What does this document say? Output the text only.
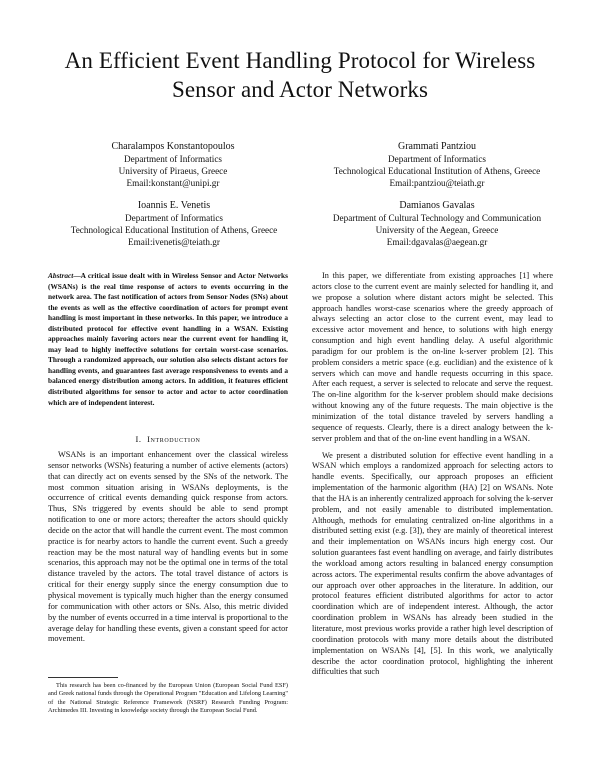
An Efficient Event Handling Protocol for Wireless
Sensor and Actor Networks
Charalampos Konstantopoulos
Department of Informatics
University of Piraeus, Greece
Email:konstant@unipi.gr
Grammati Pantziou
Department of Informatics
Technological Educational Institution of Athens, Greece
Email:pantziou@teiath.gr
Ioannis E. Venetis
Department of Informatics
Technological Educational Institution of Athens, Greece
Email:ivenetis@teiath.gr
Damianos Gavalas
Department of Cultural Technology and Communication
University of the Aegean, Greece
Email:dgavalas@aegean.gr
Abstract—A critical issue dealt with in Wireless Sensor and Actor Networks (WSANs) is the real time response of actors to events occurring in the network area. The fast notification of actors from Sensor Nodes (SNs) about the events as well as the effective coordination of actors for prompt event handling is most important in these networks. In this paper, we introduce a distributed protocol for effective event handling in a WSAN. Existing approaches mainly favoring actors near the current event for handling it, may lead to highly ineffective solutions for certain worst-case scenarios. Through a randomized approach, our solution also selects distant actors for handling events, and guarantees fast average responsiveness to events and a balanced energy distribution among actors. In addition, it features efficient distributed algorithms for sensor to actor and actor to actor coordination which are of independent interest.
I. Introduction

WSANs is an important enhancement over the classical wireless sensor networks (WSNs) featuring a number of active elements (actors) that can directly act on events sensed by the SNs of the network. The most common situation arising in WSANs deployments, is the occurrence of critical events demanding quick response from actors. Thus, SNs triggered by events should be able to send prompt notification to one or more actors; thereafter the actors should quickly decide on the actor that will handle the current event. The most common practice is for nearby actors to handle the current event. Such a greedy reaction may be the most natural way of handling events but in some scenarios, this approach may not be the optimal one in terms of the total distance traveled by the actors. The total travel distance of actors is critical for their energy supply since the energy consumption due to physical movement is typically much higher than the energy consumed for communication with other actors or SNs. Also, this metric divided by the number of events occurred in a time interval is proportional to the average delay for handling these events, given a constant speed for actor movement.

This research has been co-financed by the European Union (European Social Fund ESF) and Greek national funds through the Operational Program "Education and Lifelong Learning" of the National Strategic Reference Framework (NSRF) Research Funding Program: Archimedes III. Investing in knowledge society through the European Social Fund.

In this paper, we differentiate from existing approaches [1] where actors close to the current event are mainly selected for handling it, and we propose a solution where distant actors might be selected. This approach handles worst-case scenarios where the greedy approach of always selecting an actor close to the current event, may lead to excessive actor movement and hence, to solutions with high energy consumption and high event handling delay. A useful algorithmic paradigm for our problem is the on-line k-server problem [2]. This problem considers a metric space (e.g. euclidian) and the existence of k servers which can move and handle requests occurring in this space. After each request, a server is selected to relocate and serve the request. The on-line algorithm for the k-server problem should make decisions without knowing any of the future requests. The main objective is the minimization of the total distance traveled by servers handling a sequence of requests. Clearly, there is a direct analogy between the k-server problem and that of the on-line event handling in a WSAN.

We present a distributed solution for effective event handling in a WSAN which employs a randomized approach for selecting actors to handle events. Specifically, our approach proposes an efficient implementation of the harmonic algorithm (HA) [2] on WSANs. Note that the HA is an inherently centralized approach for solving the k-server problem, and not easily amenable to distributed implementation. Although, methods for emulating centralized on-line algorithms in a distributed setting exist (e.g. [3]), they are mainly of theoretical interest and their implementation on WSANs incurs high energy cost. Our solution guarantees fast event handling on average, and fairly distributes the workload among actors resulting in balanced energy consumption across actors. The experimental results confirm the above advantages of our approach over other approaches in the literature. In addition, our protocol features efficient distributed algorithms for actor to actor coordination which are of independent interest. Although, the actor coordination problem in WSANs has already been studied in the literature, most previous works provide a rather high level description of coordination protocols with many more details about the distributed implementation on WSANs [4], [5]. In this work, we analytically describe the actor coordination protocol, highlighting the inherent difficulties that such
